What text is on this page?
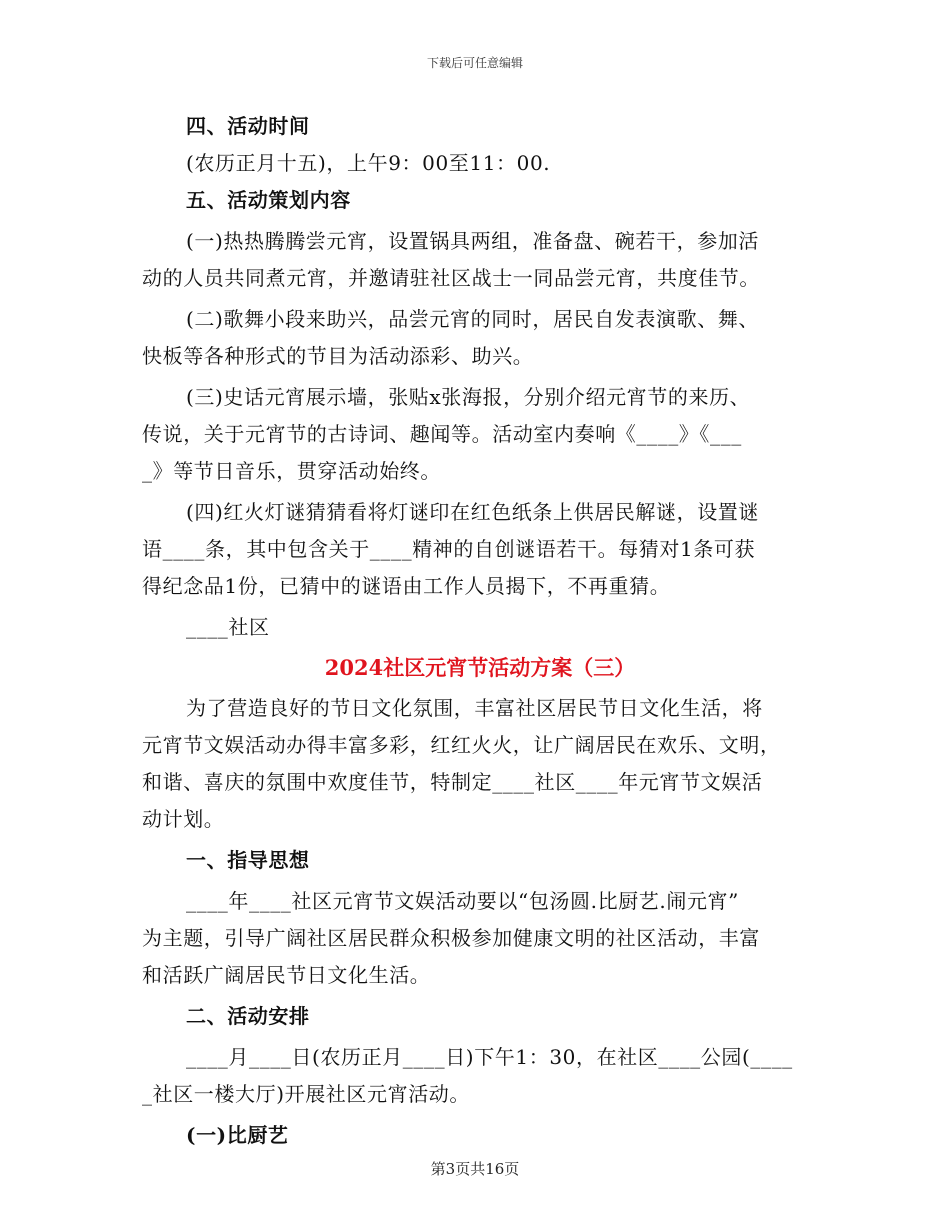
下载后可任意编辑
四、活动时间
(农历正月十五)，上午9：00至11：00.
五、活动策划内容
(一)热热腾腾尝元宵，设置锅具两组，准备盘、碗若干，参加活
动的人员共同煮元宵，并邀请驻社区战士一同品尝元宵，共度佳节。
(二)歌舞小段来助兴，品尝元宵的同时，居民自发表演歌、舞、
快板等各种形式的节目为活动添彩、助兴。
(三)史话元宵展示墙，张贴x张海报，分别介绍元宵节的来历、
传说，关于元宵节的古诗词、趣闻等。活动室内奏响《____》《___
_》等节日音乐，贯穿活动始终。
(四)红火灯谜猜猜看将灯谜印在红色纸条上供居民解谜，设置谜
语____条，其中包含关于____精神的自创谜语若干。每猜对1条可获
得纪念品1份，已猜中的谜语由工作人员揭下，不再重猜。
____社区
2024社区元宵节活动方案（三）
为了营造良好的节日文化氛围，丰富社区居民节日文化生活，将
元宵节文娱活动办得丰富多彩，红红火火，让广阔居民在欢乐、文明，
和谐、喜庆的氛围中欢度佳节，特制定____社区____年元宵节文娱活
动计划。
一、指导思想
____年____社区元宵节文娱活动要以“包汤圆.比厨艺.闹元宵”
为主题，引导广阔社区居民群众积极参加健康文明的社区活动，丰富
和活跃广阔居民节日文化生活。
二、活动安排
____月____日(农历正月____日)下午1：30，在社区____公园(____
_社区一楼大厅)开展社区元宵活动。
(一)比厨艺
第3页共16页
